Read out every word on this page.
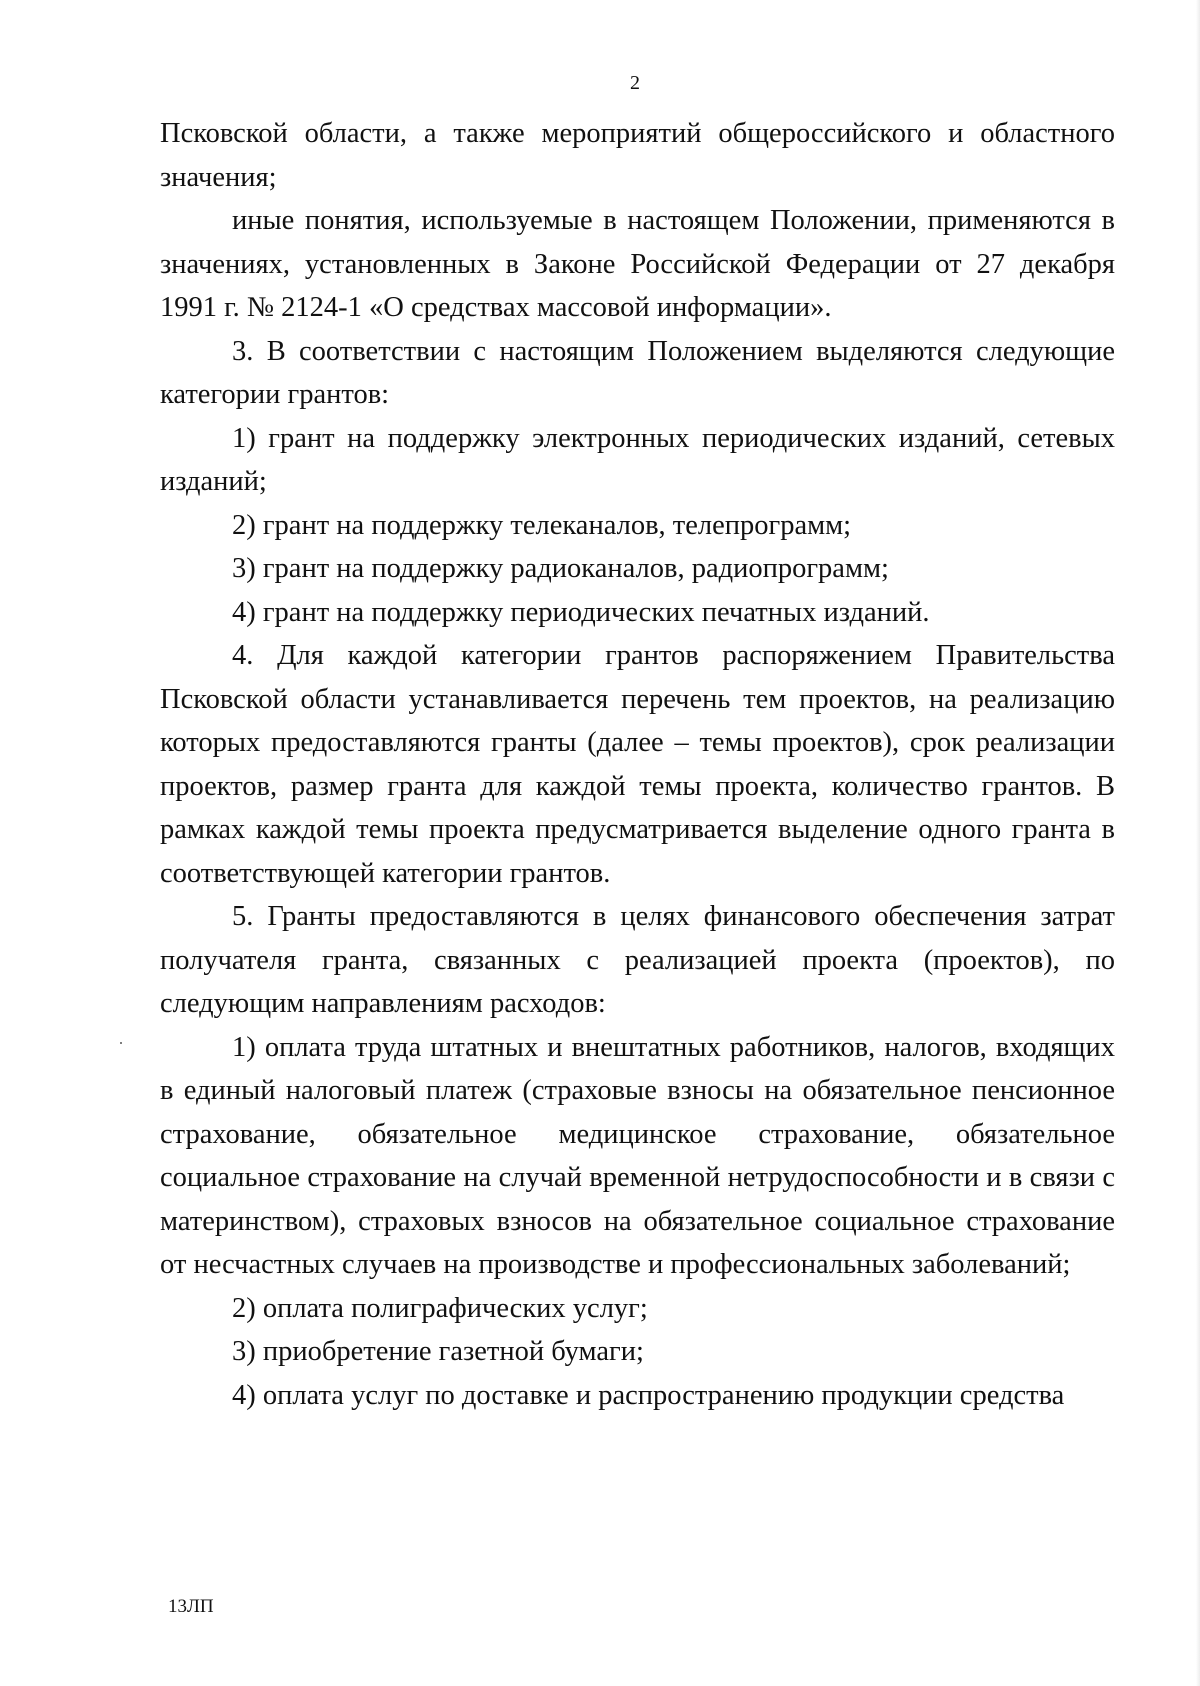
2

Псковской области, а также мероприятий общероссийского и областного значения;

иные понятия, используемые в настоящем Положении, применяются в значениях, установленных в Законе Российской Федерации от 27 декабря 1991 г. № 2124-1 «О средствах массовой информации».

3. В соответствии с настоящим Положением выделяются следующие категории грантов:

1) грант на поддержку электронных периодических изданий, сетевых изданий;

2) грант на поддержку телеканалов, телепрограмм;

3) грант на поддержку радиоканалов, радиопрограмм;

4) грант на поддержку периодических печатных изданий.

4. Для каждой категории грантов распоряжением Правительства Псковской области устанавливается перечень тем проектов, на реализацию которых предоставляются гранты (далее – темы проектов), срок реализации проектов, размер гранта для каждой темы проекта, количество грантов. В рамках каждой темы проекта предусматривается выделение одного гранта в соответствующей категории грантов.

5. Гранты предоставляются в целях финансового обеспечения затрат получателя гранта, связанных с реализацией проекта (проектов), по следующим направлениям расходов:

1) оплата труда штатных и внештатных работников, налогов, входящих в единый налоговый платеж (страховые взносы на обязательное пенсионное страхование, обязательное медицинское страхование, обязательное социальное страхование на случай временной нетрудоспособности и в связи с материнством), страховых взносов на обязательное социальное страхование от несчастных случаев на производстве и профессиональных заболеваний;

2) оплата полиграфических услуг;

3) приобретение газетной бумаги;

4) оплата услуг по доставке и распространению продукции средства

13ЛП
